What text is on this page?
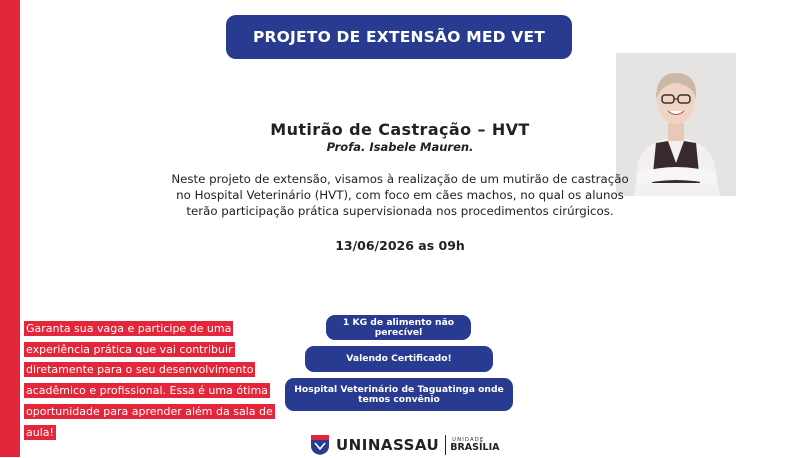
PROJETO DE EXTENSÃO MED VET
Mutirão de Castração – HVT
Profa. Isabele Mauren.
Neste projeto de extensão, visamos à realização de um mutirão de castração no Hospital Veterinário (HVT), com foco em cães machos, no qual os alunos terão participação prática supervisionada nos procedimentos cirúrgicos.
13/06/2026 as 09h
Garanta sua vaga e participe de uma experiência prática que vai contribuir diretamente para o seu desenvolvimento acadêmico e profissional. Essa é uma ótima oportunidade para aprender além da sala de aula!
1 KG de alimento não perecível
Valendo Certificado!
Hospital Veterinário de Taguatinga onde temos convênio
UNINASSAU	UNIDADE
BRASÍLIA
